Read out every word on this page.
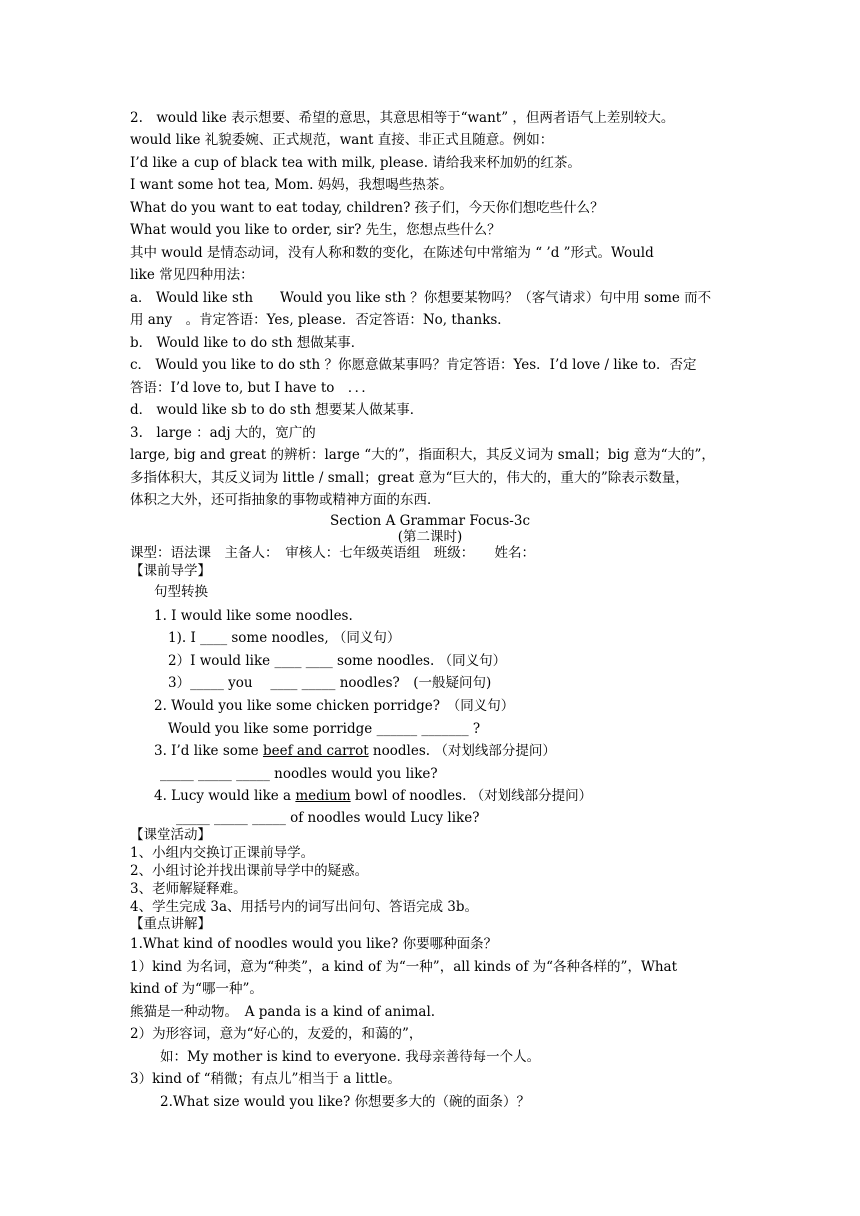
2.　would like 表示想要、希望的意思，其意思相等于“want” ，但两者语气上差别较大。
would like 礼貌委婉、正式规范，want 直接、非正式且随意。例如：
I’d like a cup of black tea with milk, please. 请给我来杯加奶的红茶。
I want some hot tea, Mom. 妈妈，我想喝些热茶。
What do you want to eat today, children? 孩子们，今天你们想吃些什么？
What would you like to order, sir? 先生，您想点些什么？
其中 would 是情态动词，没有人称和数的变化，在陈述句中常缩为 “ ’d ”形式。Would
like 常见四种用法：
a． Would like sth　　Would you like sth ？你想要某物吗？（客气请求）句中用 some 而不
用 any　。肯定答语：Yes, please．否定答语：No, thanks．
b． Would like to do sth 想做某事．
c． Would you like to do sth ？你愿意做某事吗？肯定答语：Yes．I’d love / like to．否定
答语：I’d love to, but I have to　．．．
d． would like sb to do sth 想要某人做某事．
3.　large ：adj 大的，宽广的
large, big and great 的辨析：large “大的”，指面积大，其反义词为 small；big 意为“大的”，
多指体积大，其反义词为 little / small；great 意为“巨大的，伟大的，重大的”除表示数量，
体积之大外，还可指抽象的事物或精神方面的东西．
Section A Grammar Focus-3c
(第二课时)
课型：语法课　主备人：　审核人：七年级英语组　班级：　　姓名：
【课前导学】
句型转换
1. I would like some noodles.
1). I ____ some noodles, （同义句）
2）I would like ____ ____ some noodles. （同义句）
3）_____ you　 ____ _____ noodles?　(一般疑问句)
2. Would you like some chicken porridge?　（同义句）
Would you like some porridge ______ _______ ?
3. I’d like some beef and carrot noodles. （对划线部分提问）
_____ _____ _____ noodles would you like?
4. Lucy would like a medium bowl of noodles. （对划线部分提问）
_____ _____ _____ of noodles would Lucy like?
【课堂活动】
1、小组内交换订正课前导学。
2、小组讨论并找出课前导学中的疑惑。
3、老师解疑释难。
4、学生完成 3a、用括号内的词写出问句、答语完成 3b。
【重点讲解】
1.What kind of noodles would you like? 你要哪种面条？
1）kind 为名词，意为“种类”，a kind of 为“一种”，all kinds of 为“各种各样的”，What
kind of 为“哪一种”。
熊猫是一种动物。　A panda is a kind of animal.
2）为形容词，意为“好心的，友爱的，和蔼的”，
如：My mother is kind to everyone. 我母亲善待每一个人。
3）kind of “稍微；有点儿”相当于 a little。
2.What size would you like? 你想要多大的（碗的面条）？
